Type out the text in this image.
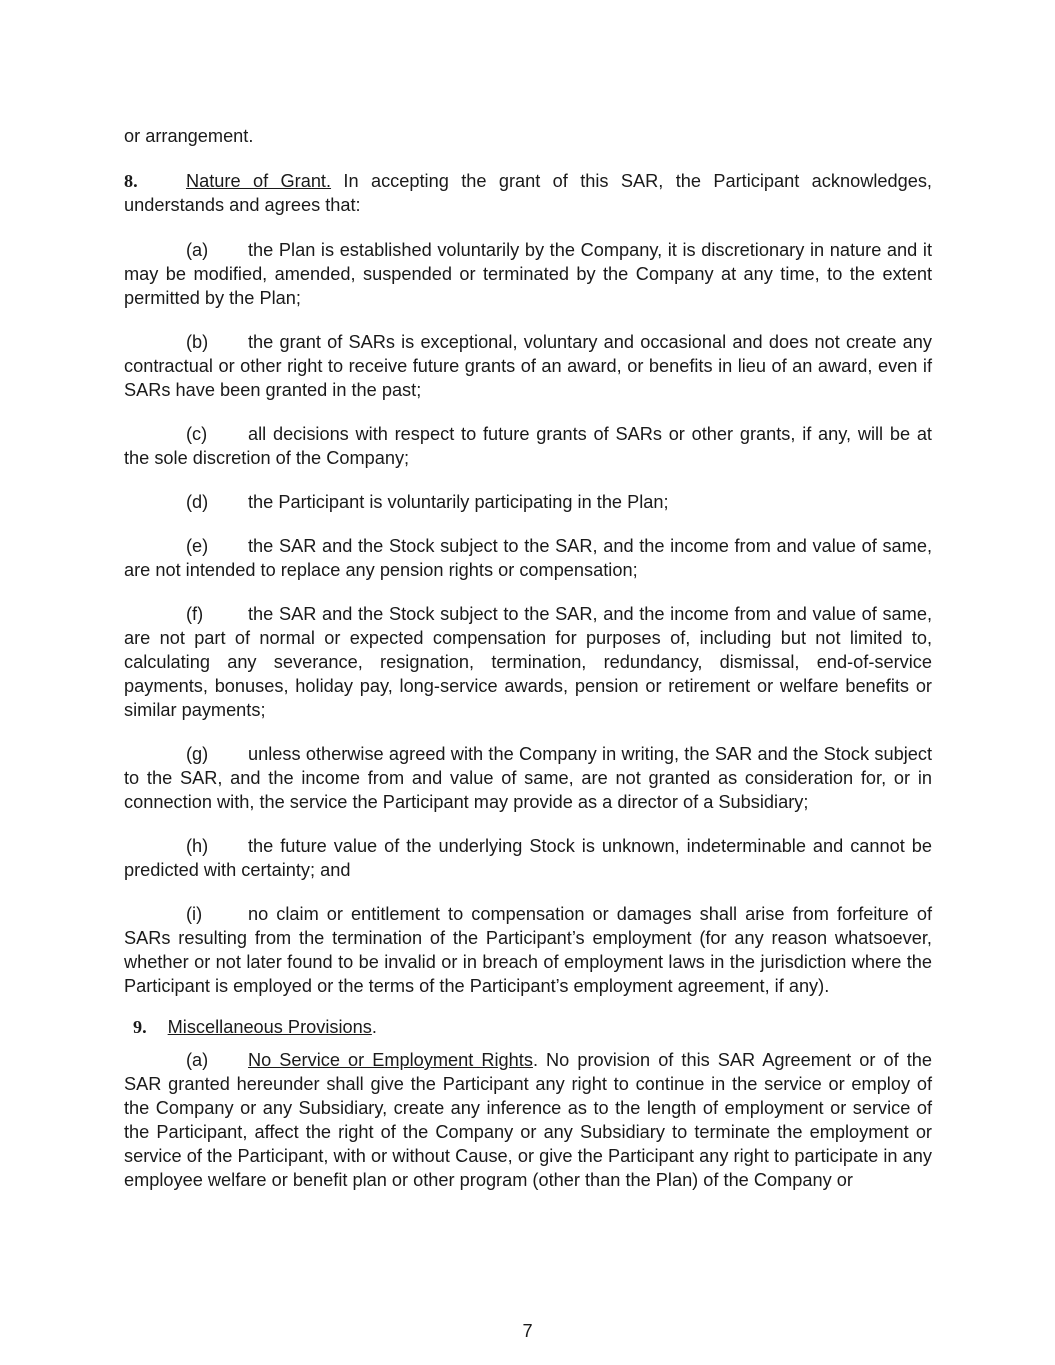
or arrangement.

8.	Nature of Grant. In accepting the grant of this SAR, the Participant acknowledges, understands and agrees that:

(a) the Plan is established voluntarily by the Company, it is discretionary in nature and it may be modified, amended, suspended or terminated by the Company at any time, to the extent permitted by the Plan;

(b) the grant of SARs is exceptional, voluntary and occasional and does not create any contractual or other right to receive future grants of an award, or benefits in lieu of an award, even if SARs have been granted in the past;

(c) all decisions with respect to future grants of SARs or other grants, if any, will be at the sole discretion of the Company;

(d) the Participant is voluntarily participating in the Plan;

(e) the SAR and the Stock subject to the SAR, and the income from and value of same, are not intended to replace any pension rights or compensation;

(f) the SAR and the Stock subject to the SAR, and the income from and value of same, are not part of normal or expected compensation for purposes of, including but not limited to, calculating any severance, resignation, termination, redundancy, dismissal, end-of-service payments, bonuses, holiday pay, long-service awards, pension or retirement or welfare benefits or similar payments;

(g) unless otherwise agreed with the Company in writing, the SAR and the Stock subject to the SAR, and the income from and value of same, are not granted as consideration for, or in connection with, the service the Participant may provide as a director of a Subsidiary;

(h) the future value of the underlying Stock is unknown, indeterminable and cannot be predicted with certainty; and

(i)	no claim or entitlement to compensation or damages shall arise from forfeiture of SARs resulting from the termination of the Participant’s employment (for any reason whatsoever, whether or not later found to be invalid or in breach of employment laws in the jurisdiction where the Participant is employed or the terms of the Participant’s employment agreement, if any).

9. Miscellaneous Provisions.

(a) No Service or Employment Rights. No provision of this SAR Agreement or of the SAR granted hereunder shall give the Participant any right to continue in the service or employ of the Company or any Subsidiary, create any inference as to the length of employment or service of the Participant, affect the right of the Company or any Subsidiary to terminate the employment or service of the Participant, with or without Cause, or give the Participant any right to participate in any employee welfare or benefit plan or other program (other than the Plan) of the Company or

7
